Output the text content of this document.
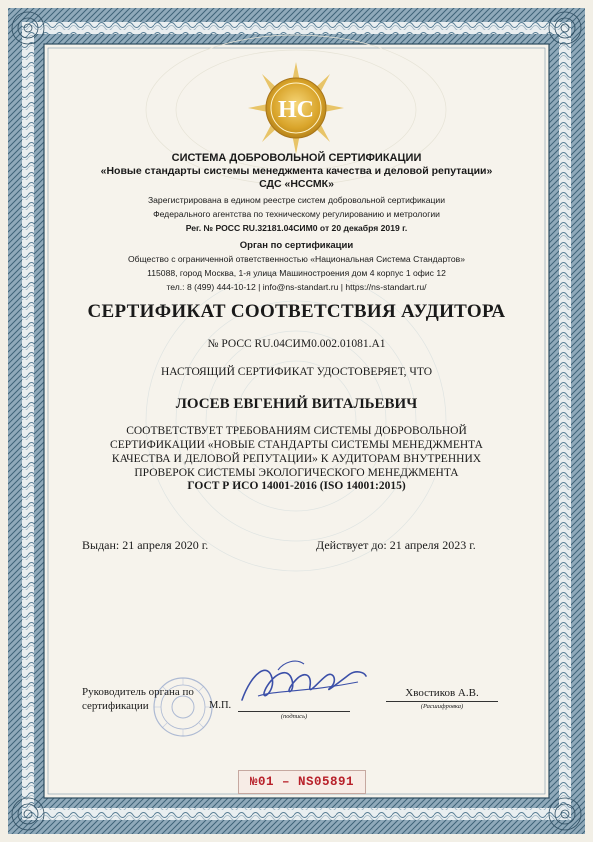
НС
СИСТЕМА ДОБРОВОЛЬНОЙ СЕРТИФИКАЦИИ
«Новые стандарты системы менеджмента качества и деловой репутации»
СДС «НССМК»
Зарегистрирована в едином реестре систем добровольной сертификации
Федерального агентства по техническому регулированию и метрологии
Рег. № РОСС RU.32181.04СИМ0 от 20 декабря 2019 г.
Орган по сертификации
Общество с ограниченной ответственностью «Национальная Система Стандартов»
115088, город Москва, 1-я улица Машиностроения дом 4 корпус 1 офис 12
тел.: 8 (499) 444-10-12 | info@ns-standart.ru | https://ns-standart.ru/
СЕРТИФИКАТ СООТВЕТСТВИЯ АУДИТОРА
№ РОСС RU.04СИМ0.002.01081.А1
НАСТОЯЩИЙ СЕРТИФИКАТ УДОСТОВЕРЯЕТ, ЧТО
ЛОСЕВ ЕВГЕНИЙ ВИТАЛЬЕВИЧ
СООТВЕТСТВУЕТ ТРЕБОВАНИЯМ СИСТЕМЫ ДОБРОВОЛЬНОЙ
СЕРТИФИКАЦИИ «НОВЫЕ СТАНДАРТЫ СИСТЕМЫ МЕНЕДЖМЕНТА
КАЧЕСТВА И ДЕЛОВОЙ РЕПУТАЦИИ» К АУДИТОРАМ ВНУТРЕННИХ
ПРОВЕРОК СИСТЕМЫ ЭКОЛОГИЧЕСКОГО МЕНЕДЖМЕНТА
ГОСТ Р ИСО 14001-2016 (ISO 14001:2015)
Выдан: 21 апреля 2020 г.	Действует до: 21 апреля 2023 г.
Руководитель органа по
сертификации	М.П.
(подпись)
Хвостиков А.В.
(Расшифровка)
№01 – NS05891
